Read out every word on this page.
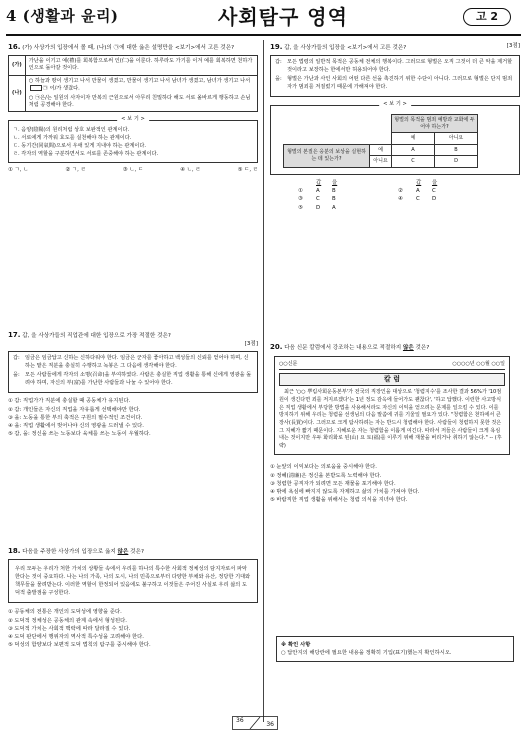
4 (생활과 윤리)	사회탐구 영역	고 2
16. (가) 사상가의 입장에서 볼 때, (나)의 ㉠에 대한 옳은 설명만을 <보기>에서 고른 것은?
(가)	가난을 이기고 예(禮)를 회복함으로써 인(仁)을 이룬다. 하루라도 가기를 이겨 예를 회복하면 천하가 인으로 돌아갈 것이다.
(나)	○ 하늘과 땅이 생기고 나서 만물이 생겼고, 만물이 생기고 나서 남녀가 생겼고, 남녀가 생기고 나서 ㉠ 이/가 생겼다.
○ ㉠은/는 일원의 사자이자 만복의 근원으로서 아무리 친밀하다 해도 서로 올바르게 행동하고 손님처럼 공경해야 한다.
< 보 기 >
ㄱ. 음양(陰陽)의 원리처럼 상호 보완적인 관계이다.
ㄴ. 서로에게 가까워 효도를 실천해야 하는 관계이다.
ㄷ. 동기간(同氣間)으로서 우애 있게 지내야 하는 관계이다.
ㄹ. 각자의 역할을 구분하면서도 서로를 존중해야 하는 관계이다.
① ㄱ, ㄴ	② ㄱ, ㄹ	③ ㄴ, ㄷ	④ ㄴ, ㄹ	⑤ ㄷ, ㄹ
17. 갑, 을 사상가들의 직업관에 대한 입장으로 가장 적절한 것은?
[3점]
갑:	임금은 임금답고 신하는 신하다워야 한다. 임금은 군자를 좋아하고 백성들의 신뢰를 얻어야 하며, 신하는 맡은 직분을 충실히 수행하고 녹봉은 그 다음에 생각해야 한다.
을:	모든 사람들에게 각자의 소명(召命)을 부여하였다. 사람은 충실한 직업 생활을 통해 신에게 영광을 돌려야 하며, 자신의 부(富)를 가난한 사람들과 나눌 수 있어야 한다.
① 갑: 직업가가 직분에 충실할 때 공동체가 유지된다.
② 갑: 개인들은 자신의 직업을 자유롭게 선택해야만 한다.
③ 을: 노동을 통한 부의 축적은 구원의 필수적인 조건이다.
④ 을: 직업 생활에서 벗어나야 신의 영광을 드러낼 수 있다.
⑤ 갑, 을: 정신을 쓰는 노동보다 육체를 쓰는 노동이 우월하다.
18. 다음을 주장한 사상가의 입장으로 옳지 않은 것은?
우리 모두는 우리가 처한 가치의 상황들 속에서 우리를 하나의 특수한 사회적 정체성의 담지자로서 파악한다는 것이 중요하다. 나는 나의 가족, 나의 도시, 나의 민족으로부터 다양한 부채와 유산, 정당한 기대와 책무들을 물려받는다. 이러한 역할이 한정되어 있음에도 불구하고 이것들은 주어진 사실로 우리 삶의 도덕적 출발점을 구성한다.
① 공동체의 전통은 개인의 도덕성에 영향을 준다.
② 도덕적 정체성은 공동체의 관계 속에서 형성된다.
③ 도덕적 가치는 사회적 맥락에 따라 달라질 수 있다.
④ 도덕 판단에서 행위자의 역사적 특수성을 고려해야 한다.
⑤ 덕성의 함양보다 보편적 도덕 법칙의 탐구를 중시해야 한다.
19. 갑, 을 사상가들의 입장을 <보기>에서 고른 것은?	[3점]
갑:	모든 법령의 일반적 목적은 공동체 전체의 행복이다. 그러므로 형벌은 오직 그것이 더 큰 악을 제거할 것이라고 보장하는 한에서만 허용되어야 한다.
을:	형벌은 가난과 사인 사회의 어떤 다른 선을 촉진하기 위한 수단이 아니다. 그러므로 형벌은 단지 범죄자가 범죄를 저질렀기 때문에 가해져야 한다.
< 보 기 >
		형벌의 목적을 범죄 예방과 교화에 두어야 하는가?	
		예	아니요
형벌의 본질은 응분의 보상을 실현하는 데 있는가?	예	A	B
	아니요	C	D
갑	을	갑	을
①	A	B	②	A	C
③	C	B	④	C	D
⑤	D	A
20. 다음 신문 칼럼에서 강조하는 내용으로 적절하지 않은 것은?
○○신문	○○○○년 ○○월 ○○일
칼 럼
최근 '○○ 뿌림사회운동본부'가 전국의 직장인을 대상으로 '청렴지수'를 조사한 결과 56%가 '10점 원이 생긴다면 죄를 저지르겠다'는 1년 정도 감옥에 들어가도 괜찮다', '하고 답했다. 이런한 사고방식은 직업 생활에서 부당한 방법을 사용해서라도 자신의 이익을 얻으려는 문제를 일으킬 수 있다. 이를 방지하기 위해 우리는 청렴을 선생님의 다음 말씀에 귀를 기울일 필요가 있다. "청렴함은 천하에서 큰 장사(長賈)이다. 그러므로 크게 탐사하려는 자는 반드시 청렴해야 한다. 사람들이 청렴하지 못한 것은 그 지혜가 짧기 때문이다. 지혜로운 자는 청렴함을 이롭게 여긴다. 따라서 저들은 사람들이 크게 욕심내는 것이지만 우두 화리화로 된(山) 요 토(福)를 이루기 위해 재물을 버리거나 취하기 않는다." -- (후략)
① 눈앞의 이익보다는 의로움을 중시해야 한다.
② 정혜(淸廉)은 정신을 본받도록 노력해야 한다.
③ 청렴한 공직자가 되려면 모든 재물을 포기해야 한다.
④ 밖에 욕심에 빠지지 않도록 자제하고 삶의 가치를 가져야 한다.
⑤ 바람직한 직업 생활을 위해서는 청렴 의식을 지녀야 한다.
※ 확인 사항
○ 답안지의 해당란에 필요한 내용을 정확히 기입(표기)했는지 확인하시오.
36
36
